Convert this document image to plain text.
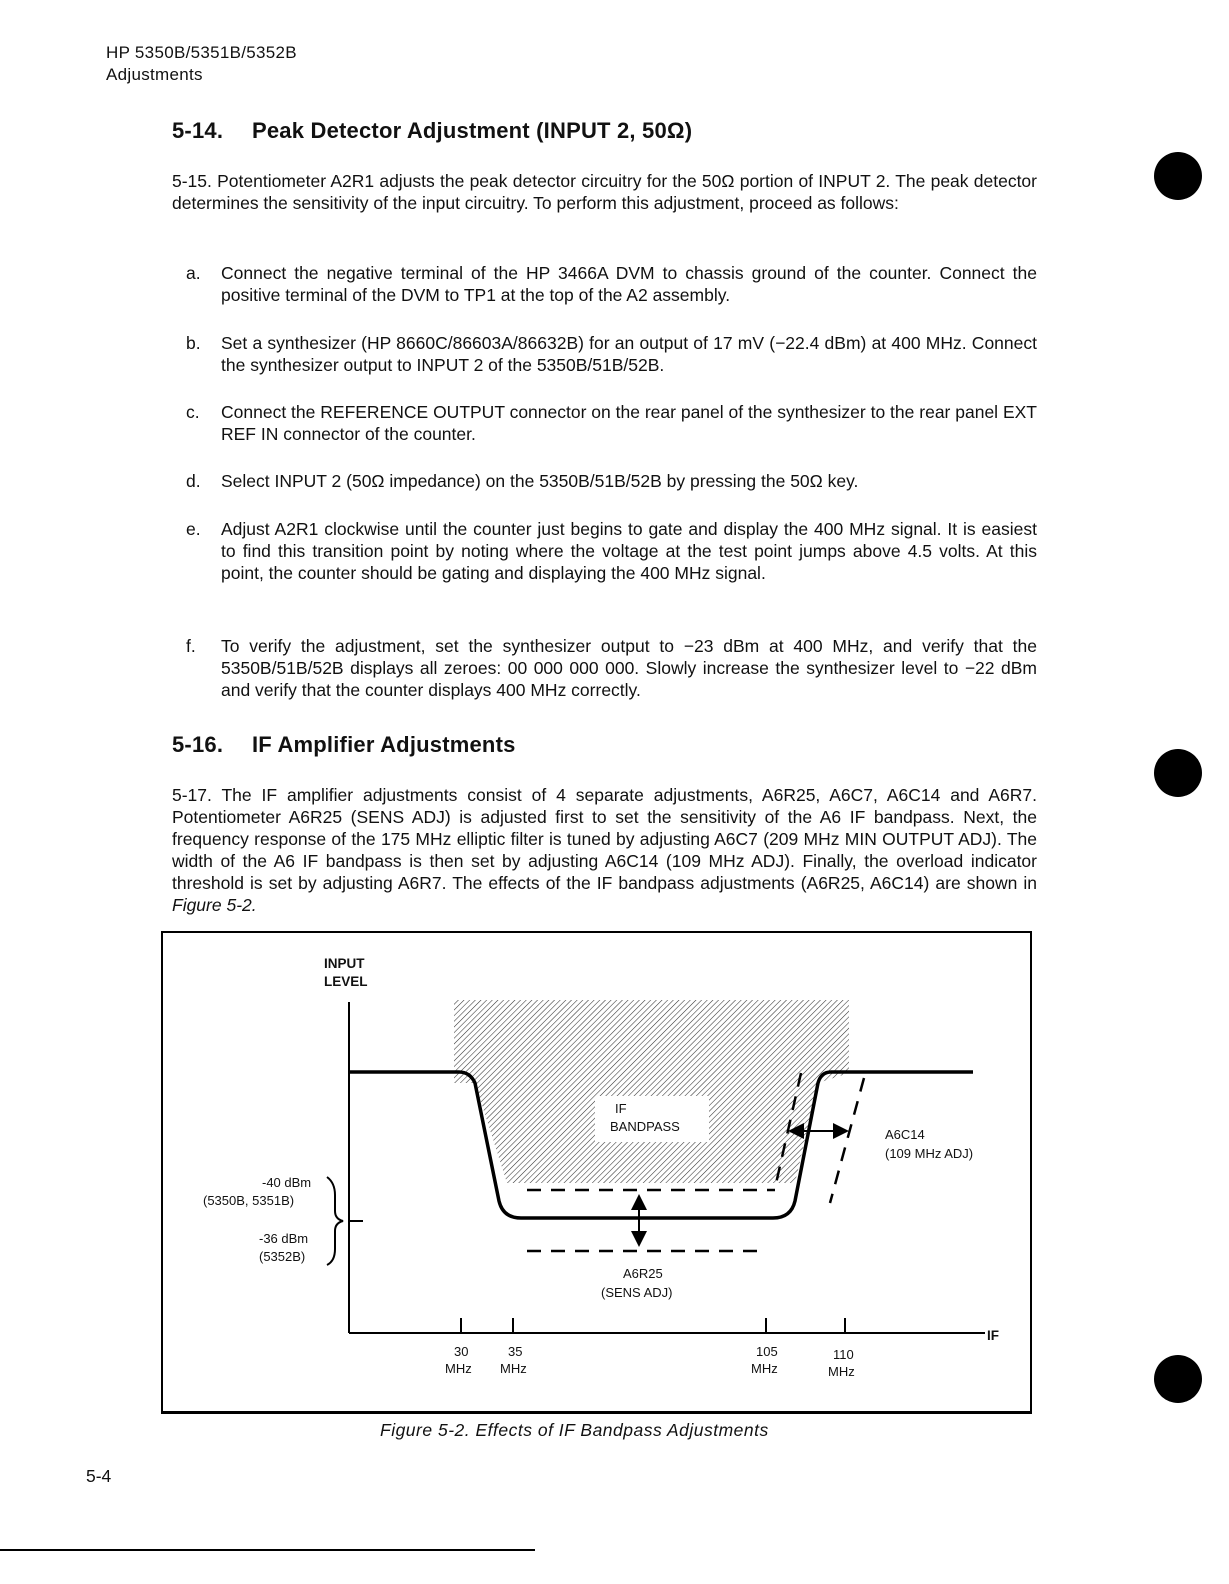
HP 5350B/5351B/5352B
Adjustments
5-14. Peak Detector Adjustment (INPUT 2, 50Ω)
5-15. Potentiometer A2R1 adjusts the peak detector circuitry for the 50Ω portion of INPUT 2. The peak detector determines the sensitivity of the input circuitry. To perform this adjustment, proceed as follows:
a.	Connect the negative terminal of the HP 3466A DVM to chassis ground of the counter. Connect the positive terminal of the DVM to TP1 at the top of the A2 assembly.
b.	Set a synthesizer (HP 8660C/86603A/86632B) for an output of 17 mV (−22.4 dBm) at 400 MHz. Connect the synthesizer output to INPUT 2 of the 5350B/51B/52B.
c.	Connect the REFERENCE OUTPUT connector on the rear panel of the synthesizer to the rear panel EXT REF IN connector of the counter.
d.	Select INPUT 2 (50Ω impedance) on the 5350B/51B/52B by pressing the 50Ω key.
e.	Adjust A2R1 clockwise until the counter just begins to gate and display the 400 MHz signal. It is easiest to find this transition point by noting where the voltage at the test point jumps above 4.5 volts. At this point, the counter should be gating and displaying the 400 MHz signal.
f.	To verify the adjustment, set the synthesizer output to −23 dBm at 400 MHz, and verify that the 5350B/51B/52B displays all zeroes: 00 000 000 000. Slowly increase the synthesizer level to −22 dBm and verify that the counter displays 400 MHz correctly.
5-16. IF Amplifier Adjustments
5-17. The IF amplifier adjustments consist of 4 separate adjustments, A6R25, A6C7, A6C14 and A6R7. Potentiometer A6R25 (SENS ADJ) is adjusted first to set the sensitivity of the A6 IF bandpass. Next, the frequency response of the 175 MHz elliptic filter is tuned by adjusting A6C7 (209 MHz MIN OUTPUT ADJ). The width of the A6 IF bandpass is then set by adjusting A6C14 (109 MHz ADJ). Finally, the overload indicator threshold is set by adjusting A6R7. The effects of the IF bandpass adjustments (A6R25, A6C14) are shown in Figure 5-2.
IF
BANDPASS
INPUT
LEVEL
IF
A6C14
(109 MHz ADJ)
A6R25
(SENS ADJ)
-40 dBm
(5350B, 5351B)
-36 dBm
(5352B)
30
MHz
35
MHz
105
MHz
110
MHz
Figure 5-2. Effects of IF Bandpass Adjustments
5-4
